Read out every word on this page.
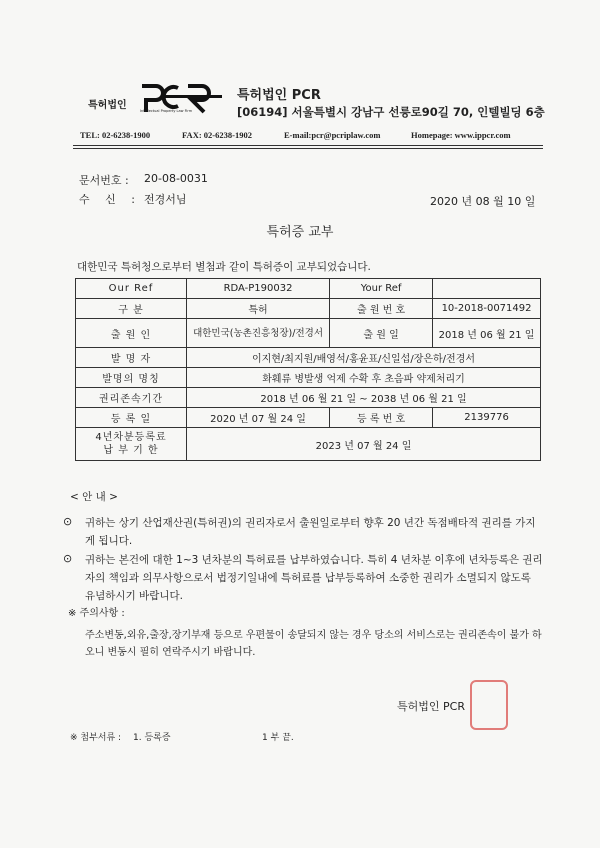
특허법인	Intellectual Property Law Firm
특허법인 PCR
[06194] 서울특별시 강남구 선릉로90길 70, 인텔빌딩 6층
TEL: 02-6238-1900	FAX: 02-6238-1902	E-mail:pcr@pcriplaw.com	Homepage: www.ippcr.com
문서번호 : 20-08-0031
수 신 : 전경서님	2020 년 08 월 10 일
특허증 교부
대한민국 특허청으로부터 별첨과 같이 특허증이 교부되었습니다.
Our Ref	RDA-P190032	Your Ref	
구 분	특허	출 원 번 호	10-2018-0071492
출 원 인	대한민국(농촌진흥청장)/전경서	출 원 일	2018 년 06 월 21 일
발 명 자	이지현/최지원/배영석/홍윤표/신일섭/장은하/전경서		
발명의 명칭	화훼류 병발생 억제 수확 후 초음파 약제처리기		
권리존속기간	2018 년 06 월 21 일 ~ 2038 년 06 월 21 일		
등 록 일	2020 년 07 월 24 일	등 록 번 호	2139776

4년차분등록료
납 부 기 한	2023 년 07 월 24 일		
< 안 내 >
⊙ 귀하는 상기 산업재산권(특허권)의 권리자로서 출원일로부터 향후 20 년간 독점배타적 권리를 가지게 됩니다.
⊙ 귀하는 본건에 대한 1~3 년차분의 특허료를 납부하였습니다. 특히 4 년차분 이후에 년차등록은 권리자의 책임과 의무사항으로서 법정기일내에 특허료를 납부등록하여 소중한 권리가 소멸되지 않도록 유념하시기 바랍니다.
※ 주의사항 :
주소변동,외유,출장,장기부재 등으로 우편물이 송달되지 않는 경우 당소의 서비스로는 권리존속이 불가 하오니 변동시 필히 연락주시기 바랍니다.
특허법인 PCR
※ 첨부서류 : 1. 등록증	1 부 끝.
